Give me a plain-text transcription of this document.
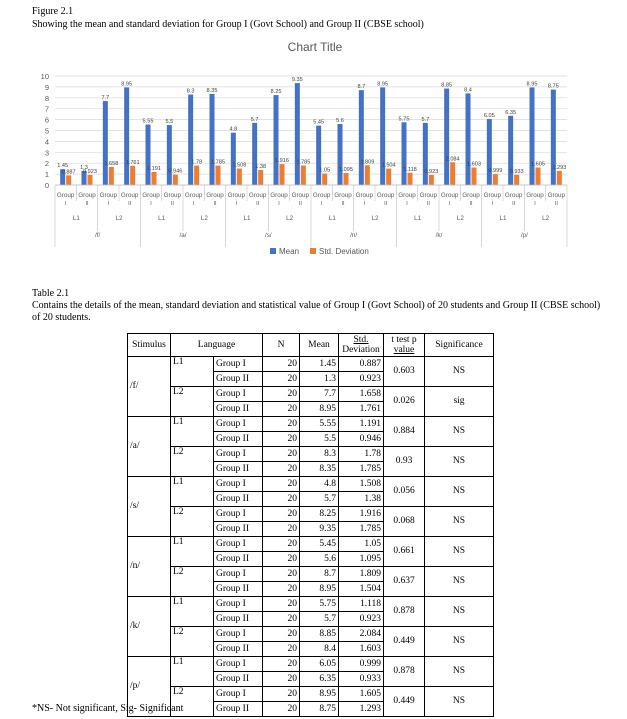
Figure 2.1
Showing the mean and standard deviation for Group I (Govt School) and Group II (CBSE school)
Chart Title
0
1
2
3
4
5
6
7
8
9
10
1.45 1.3
7.7
8.95
5.55 5.5
8.3 8.35
4.8
5.7
8.25
9.35
5.45 5.6
8.7 8.95
5.75 5.7
8.85
8.4
6.05
6.35
8.95 8.75
0.887 0.923
1.658 1.761
1.191 0.946
1.78 1.785
1.508 1.38
1.916 1.785
1.05 1.095
1.809
1.504
1.118 0.923
2.084
1.603
0.999 0.933
1.605
1.293
Group
I
Group
II
Group
I
Group
II
Group
I
Group
II
Group
I
Group
II
Group
I
Group
II
Group
I
Group
II
Group
I
Group
II
Group
I
Group
II
Group
I
Group
II
Group
I
Group
II
Group
I
Group
II
Group
I
Group
II
L1	L2	L1	L2	L1	L2	L1	L2	L1	L2	L1	L2
/f/	/a/	/s/	/n/	/k/	/p/
Mean Std. Deviation
Table 2.1
Contains the details of the mean, standard deviation and statistical value of Group I (Govt School) of 20 students and Group II (CBSE school) of 20 students.
Stimulus	Language		N	Mean	Std.
Deviation	t test p
value	Significance
/f/	L1	Group I	20	1.45	0.887	0.603	NS
		Group II	20	1.3	0.923		
	L2	Group I	20	7.7	1.658	0.026	sig
		Group II	20	8.95	1.761		
/a/	L1	Group I	20	5.55	1.191	0.884	NS
		Group II	20	5.5	0.946		
	L2	Group I	20	8.3	1.78	0.93	NS
		Group II	20	8.35	1.785		
/s/	L1	Group I	20	4.8	1.508	0.056	NS
		Group II	20	5.7	1.38		
	L2	Group I	20	8.25	1.916	0.068	NS
		Group II	20	9.35	1.785		
/n/	L1	Group I	20	5.45	1.05	0.661	NS
		Group II	20	5.6	1.095		
	L2	Group I	20	8.7	1.809	0.637	NS
		Group II	20	8.95	1.504		
/k/	L1	Group I	20	5.75	1.118	0.878	NS
		Group II	20	5.7	0.923		
	L2	Group I	20	8.85	2.084	0.449	NS
		Group II	20	8.4	1.603		
/p/	L1	Group I	20	6.05	0.999	0.878	NS
		Group II	20	6.35	0.933		
	L2	Group I	20	8.95	1.605	0.449	NS
		Group II	20	8.75	1.293		
*NS- Not significant, Sig- Significant
